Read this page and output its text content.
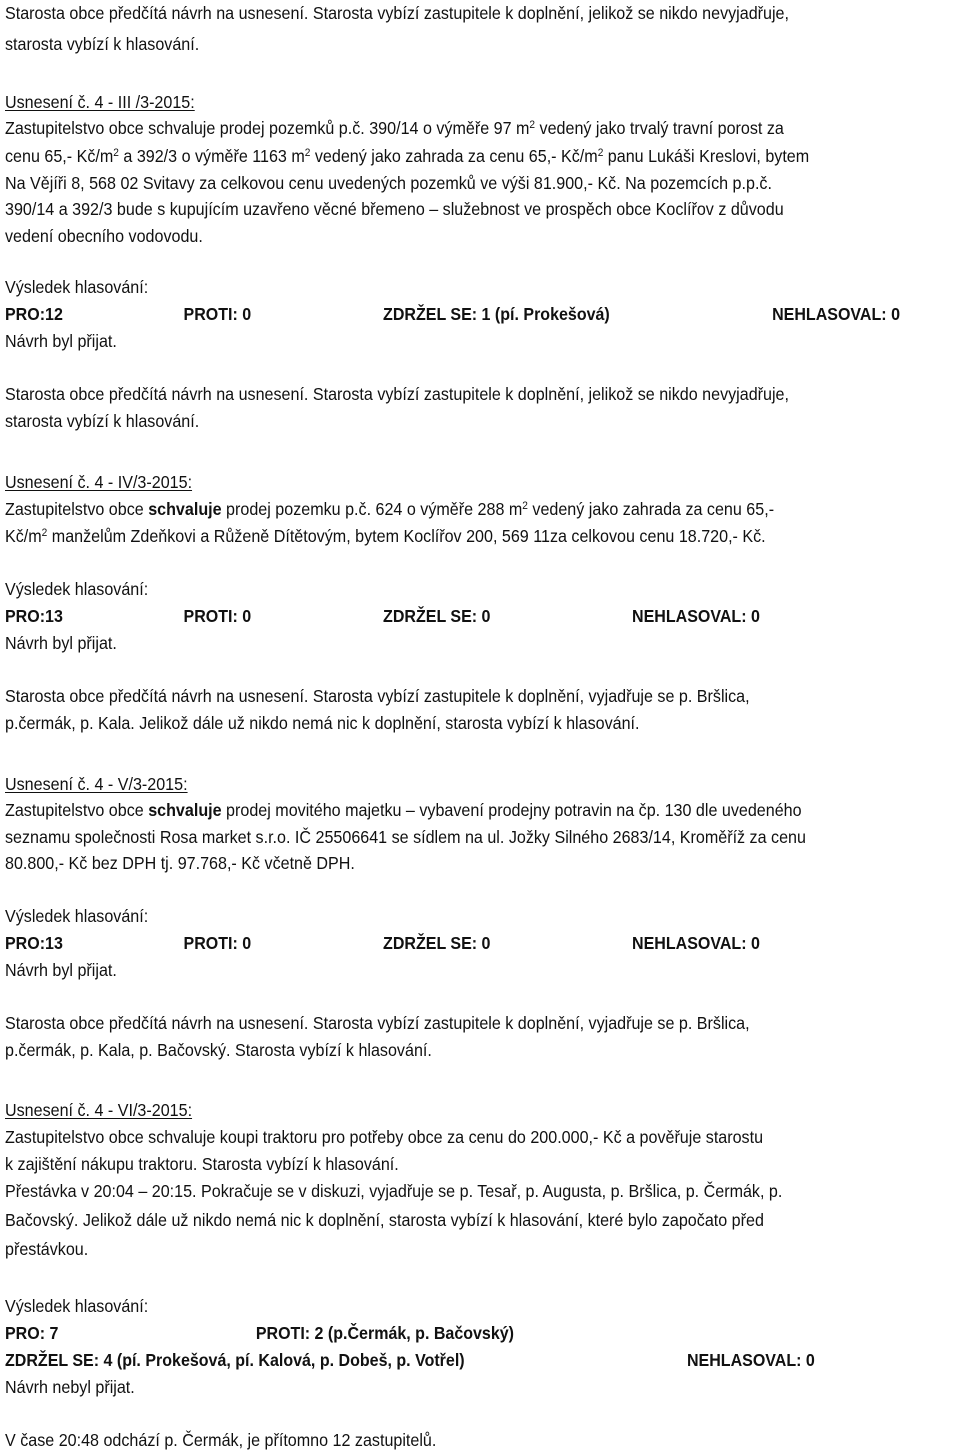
Starosta obce předčítá návrh na usnesení. Starosta vybízí zastupitele k doplnění, jelikož se nikdo nevyjadřuje,
starosta vybízí k hlasování.
Usnesení č. 4 - III /3-2015:
Zastupitelstvo obce schvaluje prodej pozemků p.č. 390/14 o výměře 97 $m^2$ vedený jako trvalý travní porost za
cenu 65,- $Kč/m^2$ a 392/3 o výměře 1163 $m^2$ vedený jako zahrada za cenu 65,- $Kč/m^2$ panu Lukáši Kreslovi, bytem
Na Vějíři 8, 568 02 Svitavy za celkovou cenu uvedených pozemků ve výši 81.900,- Kč. Na pozemcích p.p.č.
390/14 a 392/3 bude s kupujícím uzavřeno věcné břemeno – služebnost ve prospěch obce Koclířov z důvodu
vedení obecního vodovodu.
Výsledek hlasování:
PRO:12	PROTI: 0	ZDRŽEL SE: 1 (pí. Prokešová)	NEHLASOVAL: 0
Návrh byl přijat.
Starosta obce předčítá návrh na usnesení. Starosta vybízí zastupitele k doplnění, jelikož se nikdo nevyjadřuje,
starosta vybízí k hlasování.
Usnesení č. 4 - IV/3-2015:
Zastupitelstvo obce schvaluje prodej pozemku p.č. 624 o výměře 288 $m^2$ vedený jako zahrada za cenu 65,-
$Kč/m^2$ manželům Zdeňkovi a Růženě Dítětovým, bytem Koclířov 200, 569 11za celkovou cenu 18.720,- Kč.
Výsledek hlasování:
PRO:13	PROTI: 0	ZDRŽEL SE: 0	NEHLASOVAL: 0
Návrh byl přijat.
Starosta obce předčítá návrh na usnesení. Starosta vybízí zastupitele k doplnění, vyjadřuje se p. Bršlica,
p.čermák, p. Kala. Jelikož dále už nikdo nemá nic k doplnění, starosta vybízí k hlasování.
Usnesení č. 4 - V/3-2015:
Zastupitelstvo obce schvaluje prodej movitého majetku – vybavení prodejny potravin na čp. 130 dle uvedeného
seznamu společnosti Rosa market s.r.o. IČ 25506641 se sídlem na ul. Jožky Silného 2683/14, Kroměříž za cenu
80.800,- Kč bez DPH tj. 97.768,- Kč včetně DPH.
Výsledek hlasování:
PRO:13	PROTI: 0	ZDRŽEL SE: 0	NEHLASOVAL: 0
Návrh byl přijat.
Starosta obce předčítá návrh na usnesení. Starosta vybízí zastupitele k doplnění, vyjadřuje se p. Bršlica,
p.čermák, p. Kala, p. Bačovský. Starosta vybízí k hlasování.
Usnesení č. 4 - VI/3-2015:
Zastupitelstvo obce schvaluje koupi traktoru pro potřeby obce za cenu do 200.000,- Kč a pověřuje starostu
k zajištění nákupu traktoru. Starosta vybízí k hlasování.
Přestávka v 20:04 – 20:15. Pokračuje se v diskuzi, vyjadřuje se p. Tesař, p. Augusta, p. Bršlica, p. Čermák, p.
Bačovský. Jelikož dále už nikdo nemá nic k doplnění, starosta vybízí k hlasování, které bylo započato před
přestávkou.
Výsledek hlasování:
PRO: 7	PROTI: 2 (p.Čermák, p. Bačovský)
ZDRŽEL SE: 4 (pí. Prokešová, pí. Kalová, p. Dobeš, p. Votřel)	NEHLASOVAL: 0
Návrh nebyl přijat.
V čase 20:48 odchází p. Čermák, je přítomno 12 zastupitelů.
